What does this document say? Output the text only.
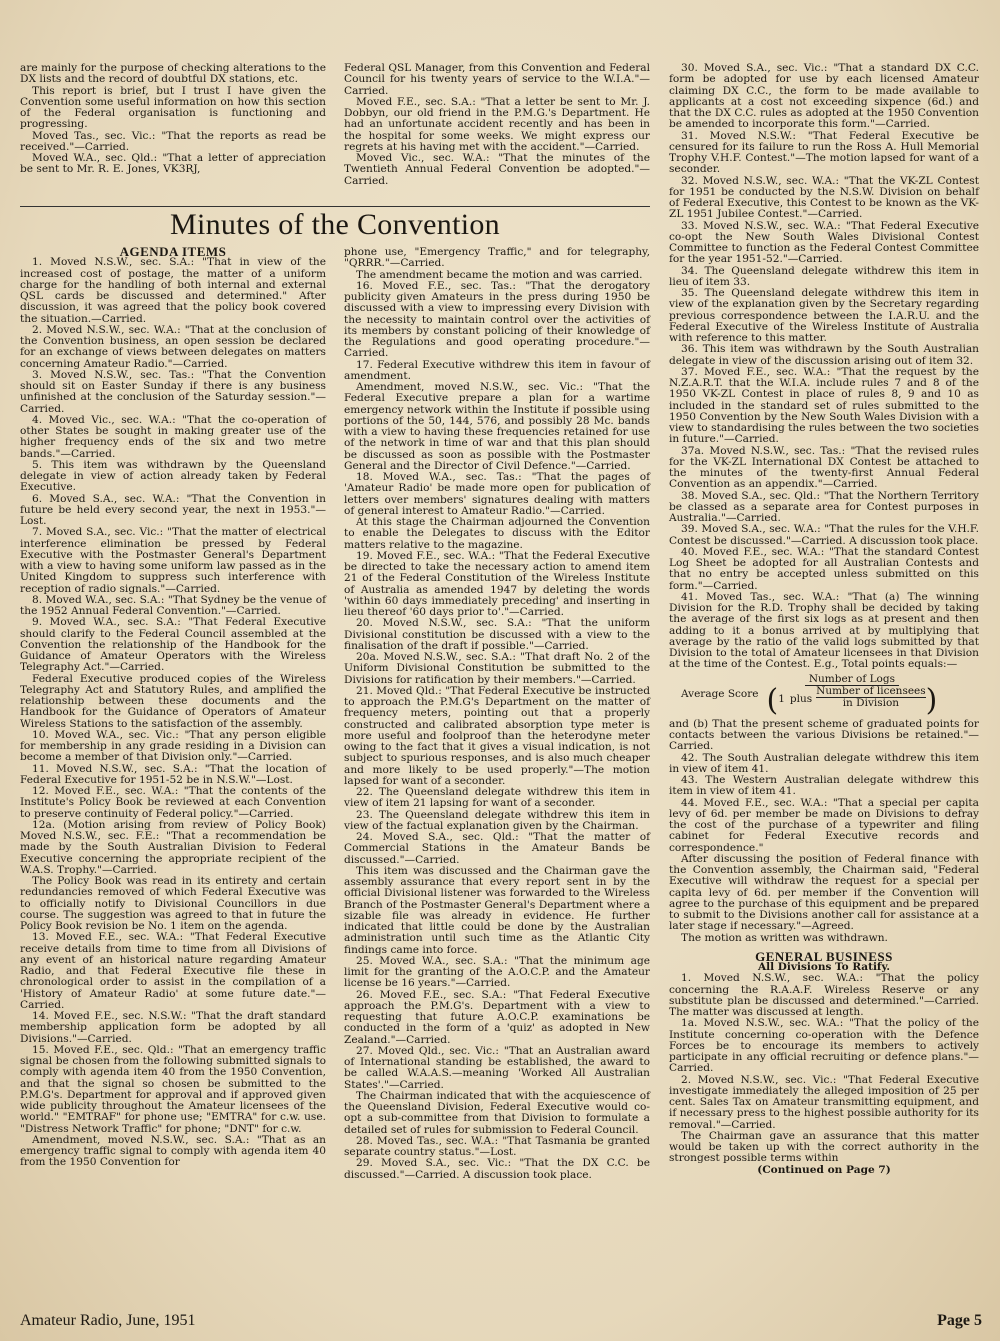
are mainly for the purpose of checking alterations to the DX lists and the record of doubtful DX stations, etc.

This report is brief, but I trust I have given the Convention some useful information on how this section of the Federal organisation is functioning and progressing.

Moved Tas., sec. Vic.: "That the reports as read be received."—Carried.

Moved W.A., sec. Qld.: "That a letter of appreciation be sent to Mr. R. E. Jones, VK3RJ,

Federal QSL Manager, from this Convention and Federal Council for his twenty years of service to the W.I.A."—Carried.

Moved F.E., sec. S.A.: "That a letter be sent to Mr. J. Dobbyn, our old friend in the P.M.G.'s Department. He had an unfortunate accident recently and has been in the hospital for some weeks. We might express our regrets at his having met with the accident."—Carried.

Moved Vic., sec. W.A.: "That the minutes of the Twentieth Annual Federal Convention be adopted."—Carried.

Minutes of the Convention

AGENDA ITEMS

1. Moved N.S.W., sec. S.A.: "That in view of the increased cost of postage, the matter of a uniform charge for the handling of both internal and external QSL cards be discussed and determined." After discussion, it was agreed that the policy book covered the situation.—Carried.

2. Moved N.S.W., sec. W.A.: "That at the conclusion of the Convention business, an open session be declared for an exchange of views between delegates on matters concerning Amateur Radio."—Carried.

3. Moved N.S.W., sec. Tas.: "That the Convention should sit on Easter Sunday if there is any business unfinished at the conclusion of the Saturday session."—Carried.

4. Moved Vic., sec. W.A.: "That the co-operation of other States be sought in making greater use of the higher frequency ends of the six and two metre bands."—Carried.

5. This item was withdrawn by the Queensland delegate in view of action already taken by Federal Executive.

6. Moved S.A., sec. W.A.: "That the Convention in future be held every second year, the next in 1953."—Lost.

7. Moved S.A., sec. Vic.: "That the matter of electrical interference elimination be pressed by Federal Executive with the Postmaster General's Department with a view to having some uniform law passed as in the United Kingdom to suppress such interference with reception of radio signals."—Carried.

8. Moved W.A., sec. S.A.: "That Sydney be the venue of the 1952 Annual Federal Convention."—Carried.

9. Moved W.A., sec. S.A.: "That Federal Executive should clarify to the Federal Council assembled at the Convention the relationship of the Handbook for the Guidance of Amateur Operators with the Wireless Telegraphy Act."—Carried.

Federal Executive produced copies of the Wireless Telegraphy Act and Statutory Rules, and amplified the relationship between these documents and the Handbook for the Guidance of Operators of Amateur Wireless Stations to the satisfaction of the assembly.

10. Moved W.A., sec. Vic.: "That any person eligible for membership in any grade residing in a Division can become a member of that Division only."—Carried.

11. Moved N.S.W., sec. S.A.: "That the location of Federal Executive for 1951-52 be in N.S.W."—Lost.

12. Moved F.E., sec. W.A.: "That the contents of the Institute's Policy Book be reviewed at each Convention to preserve continuity of Federal policy."—Carried.

12a. (Motion arising from review of Policy Book) Moved N.S.W., sec. F.E.: "That a recommendation be made by the South Australian Division to Federal Executive concerning the appropriate recipient of the W.A.S. Trophy."—Carried.

The Policy Book was read in its entirety and certain redundancies removed of which Federal Executive was to officially notify to Divisional Councillors in due course. The suggestion was agreed to that in future the Policy Book revision be No. 1 item on the agenda.

13. Moved F.E., sec. W.A.: "That Federal Executive receive details from time to time from all Divisions of any event of an historical nature regarding Amateur Radio, and that Federal Executive file these in chronological order to assist in the compilation of a 'History of Amateur Radio' at some future date."—Carried.

14. Moved F.E., sec. N.S.W.: "That the draft standard membership application form be adopted by all Divisions."—Carried.

15. Moved F.E., sec. Qld.: "That an emergency traffic signal be chosen from the following submitted signals to comply with agenda item 40 from the 1950 Convention, and that the signal so chosen be submitted to the P.M.G's. Department for approval and if approved given wide publicity throughout the Amateur licensees of the world." "EMTRAF" for phone use; "EMTRA" for c.w. use. "Distress Network Traffic" for phone; "DNT" for c.w.

Amendment, moved N.S.W., sec. S.A.: "That as an emergency traffic signal to comply with agenda item 40 from the 1950 Convention for

phone use, "Emergency Traffic," and for telegraphy, "QRRR."—Carried.

The amendment became the motion and was carried.

16. Moved F.E., sec. Tas.: "That the derogatory publicity given Amateurs in the press during 1950 be discussed with a view to impressing every Division with the necessity to maintain control over the activities of its members by constant policing of their knowledge of the Regulations and good operating procedure."—Carried.

17. Federal Executive withdrew this item in favour of amendment.

Amendment, moved N.S.W., sec. Vic.: "That the Federal Executive prepare a plan for a wartime emergency network within the Institute if possible using portions of the 50, 144, 576, and possibly 28 Mc. bands with a view to having these frequencies retained for use of the network in time of war and that this plan should be discussed as soon as possible with the Postmaster General and the Director of Civil Defence."—Carried.

18. Moved W.A., sec. Tas.: "That the pages of 'Amateur Radio' be made more open for publication of letters over members' signatures dealing with matters of general interest to Amateur Radio."—Carried.

At this stage the Chairman adjourned the Convention to enable the Delegates to discuss with the Editor matters relative to the magazine.

19. Moved F.E., sec. W.A.: "That the Federal Executive be directed to take the necessary action to amend item 21 of the Federal Constitution of the Wireless Institute of Australia as amended 1947 by deleting the words 'within 60 days immediately preceding' and inserting in lieu thereof '60 days prior to'."—Carried.

20. Moved N.S.W., sec. S.A.: "That the uniform Divisional constitution be discussed with a view to the finalisation of the draft if possible."—Carried.

20a. Moved N.S.W., sec. S.A.: "That draft No. 2 of the Uniform Divisional Constitution be submitted to the Divisions for ratification by their members."—Carried.

21. Moved Qld.: "That Federal Executive be instructed to approach the P.M.G's Department on the matter of frequency meters, pointing out that a properly constructed and calibrated absorption type meter is more useful and foolproof than the heterodyne meter owing to the fact that it gives a visual indication, is not subject to spurious responses, and is also much cheaper and more likely to be used properly."—The motion lapsed for want of a seconder.

22. The Queensland delegate withdrew this item in view of item 21 lapsing for want of a seconder.

23. The Queensland delegate withdrew this item in view of the factual explanation given by the Chairman.

24. Moved S.A., sec. Qld.: "That the matter of Commercial Stations in the Amateur Bands be discussed."—Carried.

This item was discussed and the Chairman gave the assembly assurance that every report sent in by the official Divisional listener was forwarded to the Wireless Branch of the Postmaster General's Department where a sizable file was already in evidence. He further indicated that little could be done by the Australian administration until such time as the Atlantic City findings came into force.

25. Moved W.A., sec. S.A.: "That the minimum age limit for the granting of the A.O.C.P. and the Amateur license be 16 years."—Carried.

26. Moved F.E., sec. S.A.: "That Federal Executive approach the P.M.G's. Department with a view to requesting that future A.O.C.P. examinations be conducted in the form of a 'quiz' as adopted in New Zealand."—Carried.

27. Moved Qld., sec. Vic.: "That an Australian award of International standing be established, the award to be called W.A.A.S.—meaning 'Worked All Australian States'."—Carried.

The Chairman indicated that with the acquiescence of the Queensland Division, Federal Executive would co-opt a sub-committee from that Division to formulate a detailed set of rules for submission to Federal Council.

28. Moved Tas., sec. W.A.: "That Tasmania be granted separate country status."—Lost.

29. Moved S.A., sec. Vic.: "That the DX C.C. be discussed."—Carried. A discussion took place.

30. Moved S.A., sec. Vic.: "That a standard DX C.C. form be adopted for use by each licensed Amateur claiming DX C.C., the form to be made available to applicants at a cost not exceeding sixpence (6d.) and that the DX C.C. rules as adopted at the 1950 Convention be amended to incorporate this form."—Carried.

31. Moved N.S.W.: "That Federal Executive be censured for its failure to run the Ross A. Hull Memorial Trophy V.H.F. Contest."—The motion lapsed for want of a seconder.

32. Moved N.S.W., sec. W.A.: "That the VK-ZL Contest for 1951 be conducted by the N.S.W. Division on behalf of Federal Executive, this Contest to be known as the VK-ZL 1951 Jubilee Contest."—Carried.

33. Moved N.S.W., sec. W.A.: "That Federal Executive co-opt the New South Wales Divisional Contest Committee to function as the Federal Contest Committee for the year 1951-52."—Carried.

34. The Queensland delegate withdrew this item in lieu of item 33.

35. The Queensland delegate withdrew this item in view of the explanation given by the Secretary regarding previous correspondence between the I.A.R.U. and the Federal Executive of the Wireless Institute of Australia with reference to this matter.

36. This item was withdrawn by the South Australian delegate in view of the discussion arising out of item 32.

37. Moved F.E., sec. W.A.: "That the request by the N.Z.A.R.T. that the W.I.A. include rules 7 and 8 of the 1950 VK-ZL Contest in place of rules 8, 9 and 10 as included in the standard set of rules submitted to the 1950 Convention by the New South Wales Division with a view to standardising the rules between the two societies in future."—Carried.

37a. Moved N.S.W., sec. Tas.: "That the revised rules for the VK-ZL International DX Contest be attached to the minutes of the twenty-first Annual Federal Convention as an appendix."—Carried.

38. Moved S.A., sec. Qld.: "That the Northern Territory be classed as a separate area for Contest purposes in Australia."—Carried.

39. Moved S.A., sec. W.A.: "That the rules for the V.H.F. Contest be discussed."—Carried. A discussion took place.

40. Moved F.E., sec. W.A.: "That the standard Contest Log Sheet be adopted for all Australian Contests and that no entry be accepted unless submitted on this form."—Carried.

41. Moved Tas., sec. W.A.: "That (a) The winning Division for the R.D. Trophy shall be decided by taking the average of the first six logs as at present and then adding to it a bonus arrived at by multiplying that average by the ratio of the valid logs submitted by that Division to the total of Amateur licensees in that Division at the time of the Contest. E.g., Total points equals:—

Average Score
Number of Logs
( 1 plus
Number of licensees
in Division )

and (b) That the present scheme of graduated points for contacts between the various Divisions be retained."—Carried.

42. The South Australian delegate withdrew this item in view of item 41.

43. The Western Australian delegate withdrew this item in view of item 41.

44. Moved F.E., sec. W.A.: "That a special per capita levy of 6d. per member be made on Divisions to defray the cost of the purchase of a typewriter and filing cabinet for Federal Executive records and correspondence."

After discussing the position of Federal finance with the Convention assembly, the Chairman said, "Federal Executive will withdraw the request for a special per capita levy of 6d. per member if the Convention will agree to the purchase of this equipment and be prepared to submit to the Divisions another call for assistance at a later stage if necessary."—Agreed.

The motion as written was withdrawn.

GENERAL BUSINESS

All Divisions To Ratify.

1. Moved N.S.W., sec. W.A.: "That the policy concerning the R.A.A.F. Wireless Reserve or any substitute plan be discussed and determined."—Carried. The matter was discussed at length.

1a. Moved N.S.W., sec. W.A.: "That the policy of the Institute concerning co-operation with the Defence Forces be to encourage its members to actively participate in any official recruiting or defence plans."—Carried.

2. Moved N.S.W., sec. Vic.: "That Federal Executive investigate immediately the alleged imposition of 25 per cent. Sales Tax on Amateur transmitting equipment, and if necessary press to the highest possible authority for its removal."—Carried.

The Chairman gave an assurance that this matter would be taken up with the correct authority in the strongest possible terms within

(Continued on Page 7)

Amateur Radio, June, 1951	Page 5
